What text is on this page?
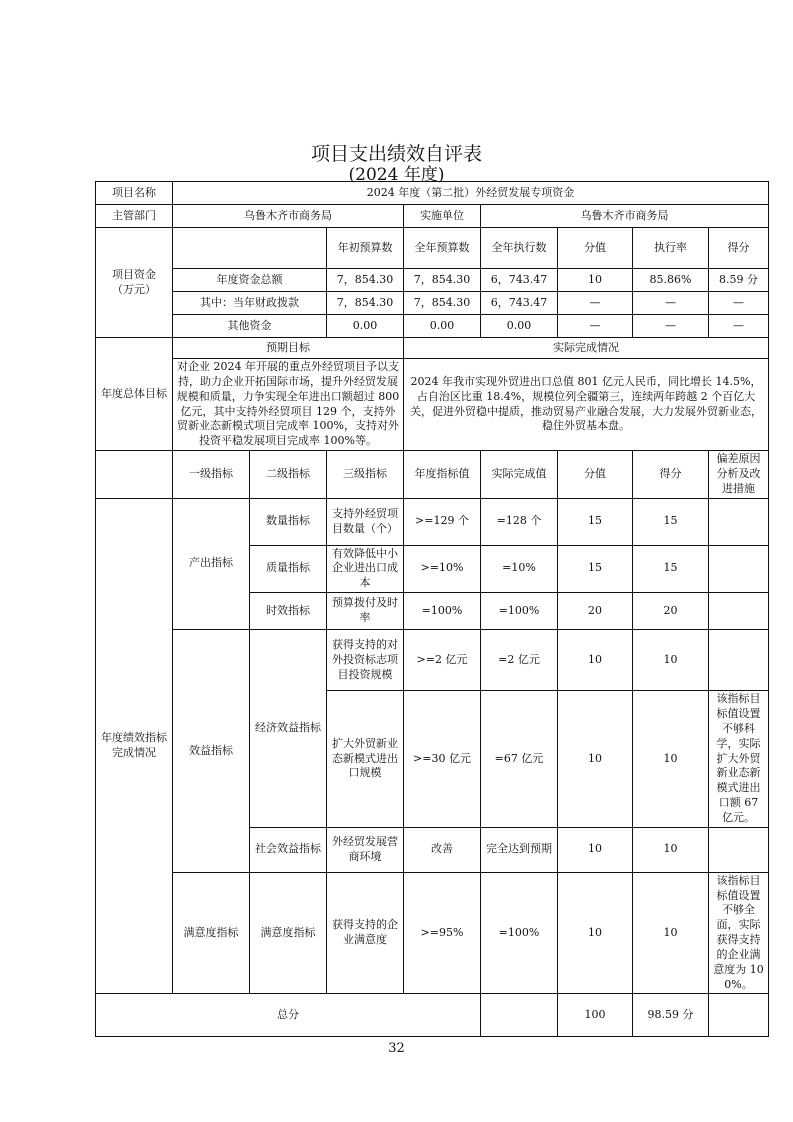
项目支出绩效自评表
(2024 年度)
项目名称	2024 年度（第二批）外经贸发展专项资金							
主管部门	乌鲁木齐市商务局			实施单位	乌鲁木齐市商务局			
项目资金
（万元）			年初预算数	全年预算数	全年执行数	分值	执行率	得分
	年度资金总额		7，854.30	7，854.30	6，743.47	10	85.86%	8.59 分
	其中：当年财政拨款		7，854.30	7，854.30	6，743.47	—	—	—
	其他资金		0.00	0.00	0.00	—	—	—
年度总体目标	预期目标			实际完成情况				
	对企业 2024 年开展的重点外经贸项目予以支持，助力企业开拓国际市场，提升外经贸发展规模和质量，力争实现全年进出口额超过 800 亿元，其中支持外经贸项目 129 个，支持外贸新业态新模式项目完成率 100%，支持对外投资平稳发展项目完成率 100%等。			2024 年我市实现外贸进出口总值 801 亿元人民币，同比增长 14.5%，占自治区比重 18.4%，规模位列全疆第三，连续两年跨越 2 个百亿大关，促进外贸稳中提质，推动贸易产业融合发展，大力发展外贸新业态，稳住外贸基本盘。				
	一级指标	二级指标	三级指标	年度指标值	实际完成值	分值	得分	偏差原因分析及改进措施
年度绩效指标完成情况	产出指标	数量指标	支持外经贸项目数量（个）	>=129 个	=128 个	15	15	
		质量指标	有效降低中小企业进出口成本	>=10%	=10%	15	15	
		时效指标	预算拨付及时率	=100%	=100%	20	20	
	效益指标	经济效益指标	获得支持的对外投资标志项目投资规模	>=2 亿元	=2 亿元	10	10	
			扩大外贸新业态新模式进出口规模	>=30 亿元	=67 亿元	10	10	该指标目标值设置不够科学，实际扩大外贸新业态新模式进出口额 67 亿元。
		社会效益指标	外经贸发展营商环境	改善	完全达到预期	10	10	
	满意度指标	满意度指标	获得支持的企业满意度	>=95%	=100%	10	10	该指标目标值设置不够全面，实际获得支持的企业满意度为 100%。
总分						100	98.59 分	
32
